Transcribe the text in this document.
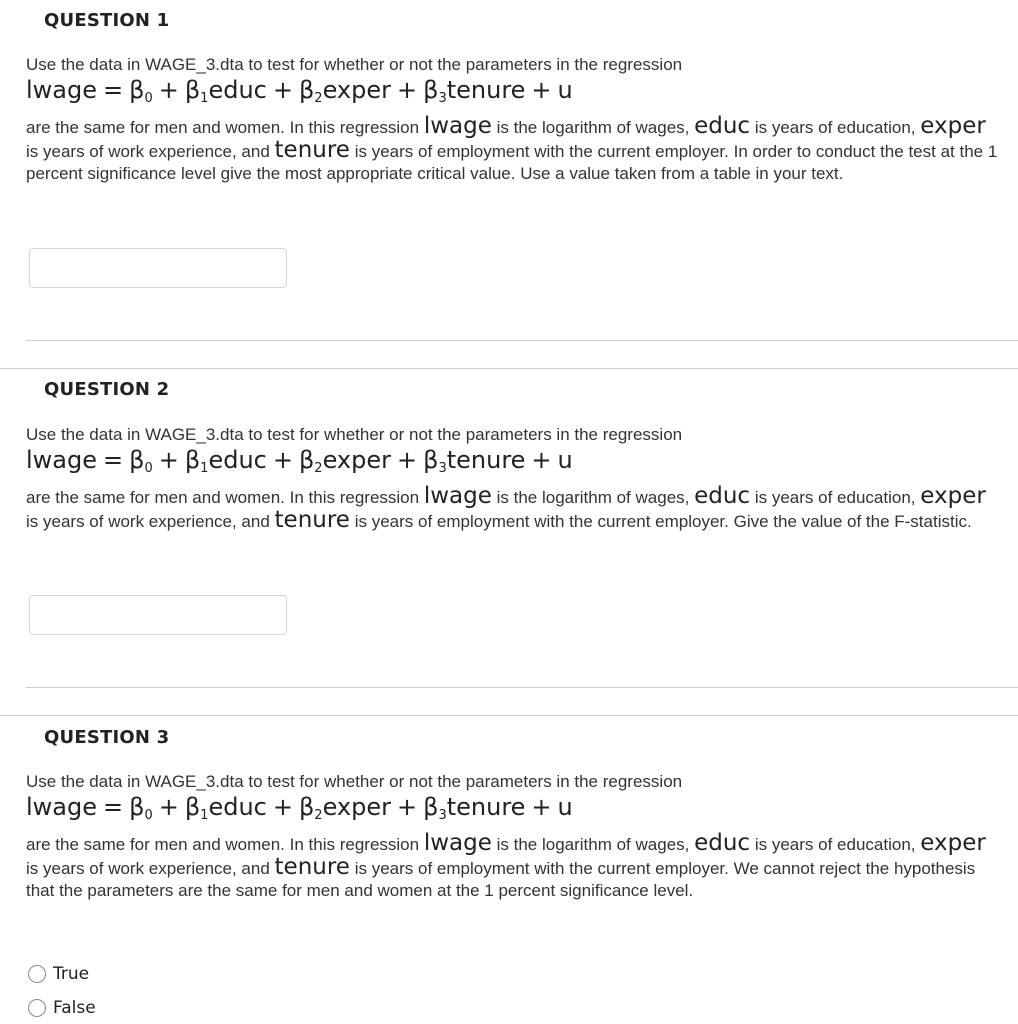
QUESTION 1
Use the data in WAGE_3.dta to test for whether or not the parameters in the regression
lwage = $\beta_0$ + $\beta_1educ$ + $\beta_2exper$ + $\beta_3tenure + u$
are the same for men and women. In this regression lwage is the logarithm of wages, educ is years of education, exper is years of work experience, and tenure is years of employment with the current employer. In order to conduct the test at the 1 percent significance level give the most appropriate critical value. Use a value taken from a table in your text.
QUESTION 2
Use the data in WAGE_3.dta to test for whether or not the parameters in the regression
lwage = $\beta_0$ + $\beta_1educ$ + $\beta_2exper$ + $\beta_3tenure + u$
are the same for men and women. In this regression lwage is the logarithm of wages, educ is years of education, exper is years of work experience, and tenure is years of employment with the current employer. Give the value of the F-statistic.
QUESTION 3
Use the data in WAGE_3.dta to test for whether or not the parameters in the regression
lwage = $\beta_0$ + $\beta_1educ$ + $\beta_2exper$ + $\beta_3tenure + u$
are the same for men and women. In this regression lwage is the logarithm of wages, educ is years of education, exper is years of work experience, and tenure is years of employment with the current employer. We cannot reject the hypothesis that the parameters are the same for men and women at the 1 percent significance level.
True
False
